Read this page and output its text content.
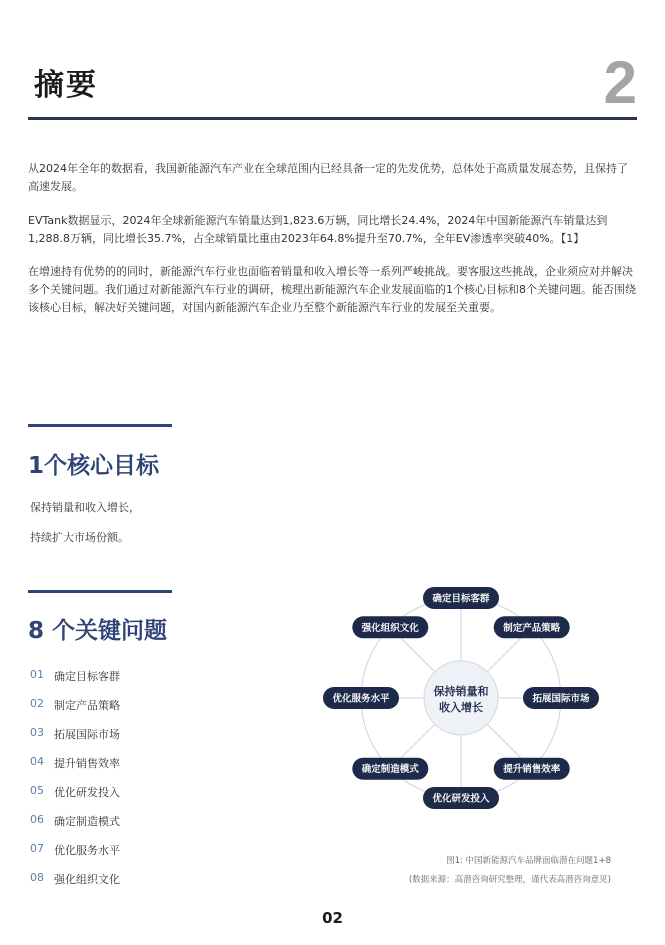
摘要	2

从2024年全年的数据看，我国新能源汽车产业在全球范围内已经具备一定的先发优势，总体处于高质量发展态势，且保持了高速发展。

EVTank数据显示，2024年全球新能源汽车销量达到1,823.6万辆，同比增长24.4%，2024年中国新能源汽车销量达到1,288.8万辆，同比增长35.7%，占全球销量比重由2023年64.8%提升至70.7%，全年EV渗透率突破40%。【1】

在增速持有优势的的同时，新能源汽车行业也面临着销量和收入增长等一系列严峻挑战。要客服这些挑战，企业须应对并解决多个关键问题。我们通过对新能源汽车行业的调研，梳理出新能源汽车企业发展面临的1个核心目标和8个关键问题。能否围绕该核心目标，解决好关键问题，对国内新能源汽车企业乃至整个新能源汽车行业的发展至关重要。

1个核心目标
保持销量和收入增长，
持续扩大市场份额。
8 个关键问题
01 确定目标客群
02 制定产品策略
03 拓展国际市场
04 提升销售效率
05 优化研发投入
06 确定制造模式
07 优化服务水平
08 强化组织文化
确定目标客群
制定产品策略
拓展国际市场
提升销售效率
优化研发投入
确定制造模式
优化服务水平
强化组织文化
保持销量和
收入增长
图1: 中国新能源汽车品牌面临潜在问题1+8
(数据来源：高潜咨询研究整理，谨代表高潜咨询意见)
02
